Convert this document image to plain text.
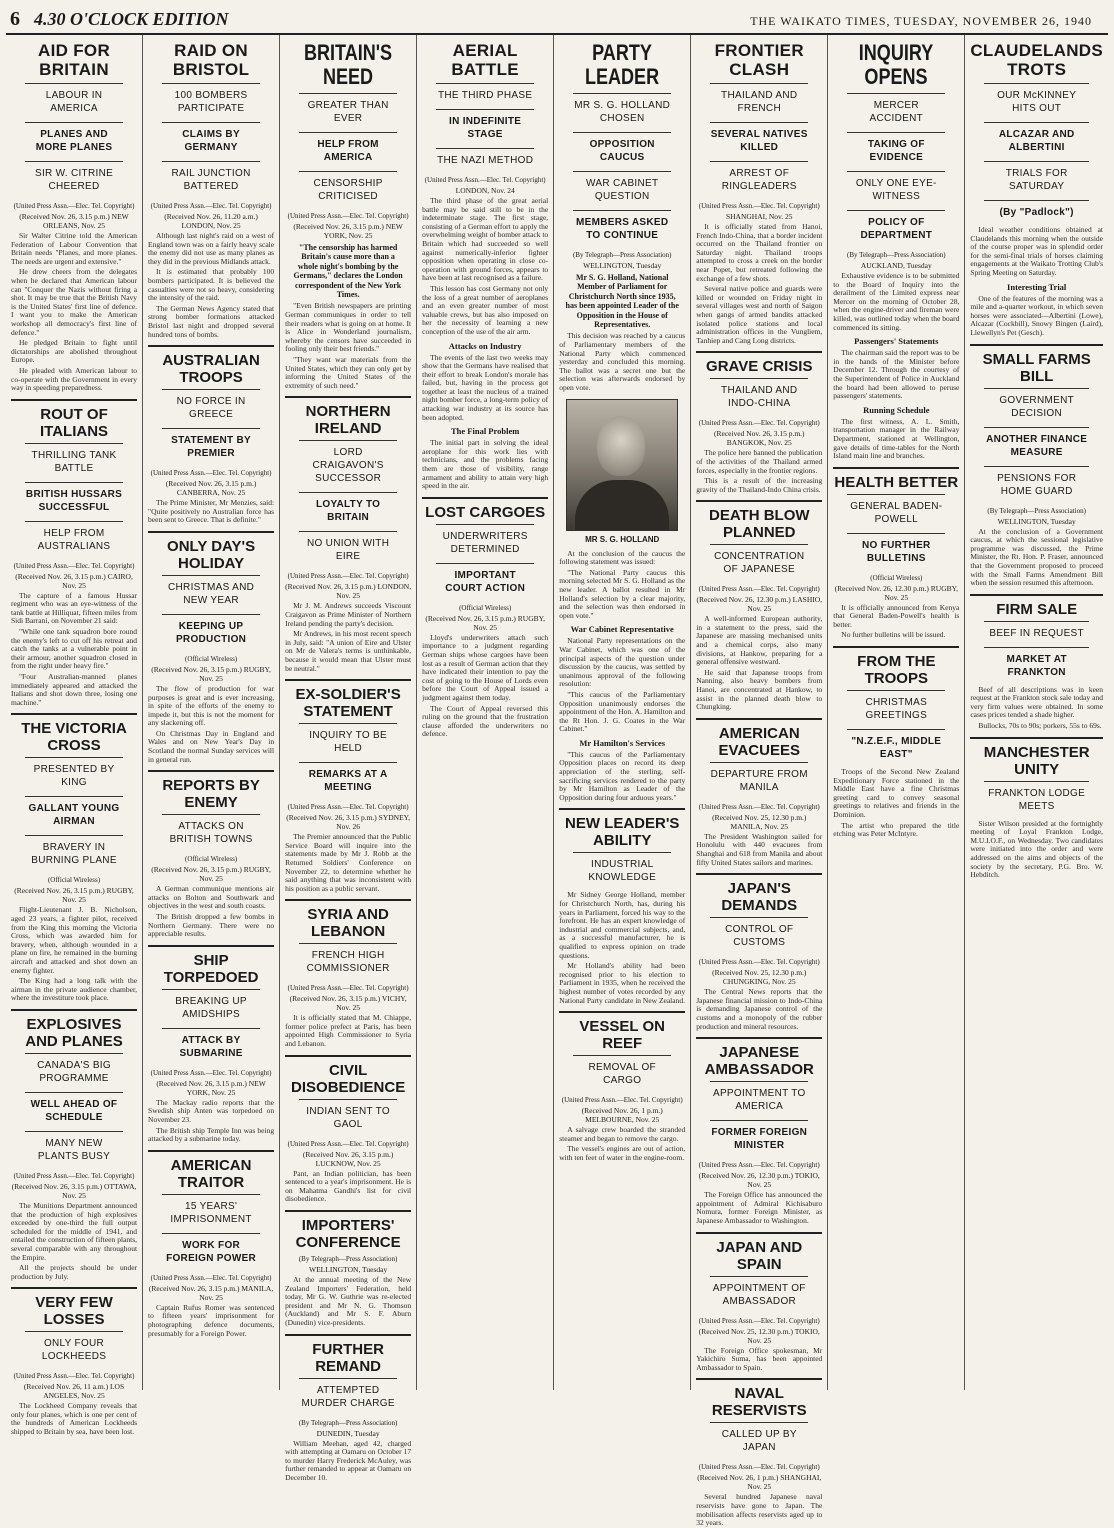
6 4.30 O'CLOCK EDITION	THE WAIKATO TIMES, TUESDAY, NOVEMBER 26, 1940
AID FOR BRITAIN
LABOUR IN AMERICA
PLANES AND MORE PLANES
SIR W. CITRINE CHEERED
(United Press Assn.—Elec. Tel. Copyright)
(Received Nov. 26, 3.15 p.m.) NEW ORLEANS, Nov. 25
Sir Walter Citrine told the American Federation of Labour Convention that Britain needs "Planes, and more planes. The needs are urgent and extensive."
He drew cheers from the delegates when he declared that American labour can "Conquer the Nazis without firing a shot. It may be true that the British Navy is the United States' first line of defence. I want you to make the American workshop all democracy's first line of defence."
He pledged Britain to fight until dictatorships are abolished throughout Europe.
He pleaded with American labour to co-operate with the Government in every way in speeding preparedness.
ROUT OF ITALIANS
THRILLING TANK BATTLE
BRITISH HUSSARS SUCCESSFUL
HELP FROM AUSTRALIANS
(United Press Assn.—Elec. Tel. Copyright)
(Received Nov. 26, 3.15 p.m.) CAIRO, Nov. 25
The capture of a famous Hussar regiment who was an eye-witness of the tank battle at Hilliquat, fifteen miles from Sidi Barrani, on November 21 said:
"While one tank squadron bore round the enemy's left to cut off his retreat and catch the tanks at a vulnerable point in their armour, another squadron closed in from the right under heavy fire."
"Four Australian-manned planes immediately appeared and attacked the Italians and shot down three, losing one machine."
THE VICTORIA CROSS
PRESENTED BY KING
GALLANT YOUNG AIRMAN
BRAVERY IN BURNING PLANE
(Official Wireless)
(Received Nov. 26, 3.15 p.m.) RUGBY, Nov. 25
Flight-Lieutenant J. B. Nicholson, aged 23 years, a fighter pilot, received from the King this morning the Victoria Cross, which was awarded him for bravery, when, although wounded in a plane on fire, he remained in the burning aircraft and attacked and shot down an enemy fighter.
The King had a long talk with the airman in the private audience chamber, where the investiture took place.
EXPLOSIVES AND PLANES
CANADA'S BIG PROGRAMME
WELL AHEAD OF SCHEDULE
MANY NEW PLANTS BUSY
(United Press Assn.—Elec. Tel. Copyright)
(Received Nov. 26, 3.15 p.m.) OTTAWA, Nov. 25
The Munitions Department announced that the production of high explosives exceeded by one-third the full output scheduled for the middle of 1941, and entailed the construction of fifteen plants, several comparable with any throughout the Empire.
All the projects should be under production by July.
VERY FEW LOSSES
ONLY FOUR LOCKHEEDS
(United Press Assn.—Elec. Tel. Copyright)
(Received Nov. 26, 11 a.m.) LOS ANGELES, Nov. 25
The Lockheed Company reveals that only four planes, which is one per cent of the hundreds of American Lockheeds shipped to Britain by sea, have been lost.
RAID ON BRISTOL
100 BOMBERS PARTICIPATE
CLAIMS BY GERMANY
RAIL JUNCTION BATTERED
(United Press Assn.—Elec. Tel. Copyright)
(Received Nov. 26, 11.20 a.m.) LONDON, Nov. 25
Although last night's raid on a west of England town was on a fairly heavy scale the enemy did not use as many planes as they did in the previous Midlands attack.
It is estimated that probably 100 bombers participated. It is believed the casualties were not so heavy, considering the intensity of the raid.
The German News Agency stated that strong bomber formations attacked Bristol last night and dropped several hundred tons of bombs.
AUSTRALIAN TROOPS
NO FORCE IN GREECE
STATEMENT BY PREMIER
(United Press Assn.—Elec. Tel. Copyright)
(Received Nov. 26, 3.15 p.m.) CANBERRA, Nov. 25
The Prime Minister, Mr Menzies, said: "Quite positively no Australian force has been sent to Greece. That is definite."
ONLY DAY'S HOLIDAY
CHRISTMAS AND NEW YEAR
KEEPING UP PRODUCTION
(Official Wireless)
(Received Nov. 26, 3.15 p.m.) RUGBY, Nov. 25
The flow of production for war purposes is great and is ever increasing, in spite of the efforts of the enemy to impede it, but this is not the moment for any slackening off.
On Christmas Day in England and Wales and on New Year's Day in Scotland the normal Sunday services will in general run.
REPORTS BY ENEMY
ATTACKS ON BRITISH TOWNS
(Official Wireless)
(Received Nov. 26, 3.15 p.m.) RUGBY, Nov. 25
A German communique mentions air attacks on Bolton and Southwark and objectives in the west and south coasts.
The British dropped a few bombs in Northern Germany. There were no appreciable results.
SHIP TORPEDOED
BREAKING UP AMIDSHIPS
ATTACK BY SUBMARINE
(United Press Assn.—Elec. Tel. Copyright)
(Received Nov. 26, 3.15 p.m.) NEW YORK, Nov. 25
The Mackay radio reports that the Swedish ship Anten was torpedoed on November 23.
The British ship Temple Inn was being attacked by a submarine today.
AMERICAN TRAITOR
15 YEARS' IMPRISONMENT
WORK FOR FOREIGN POWER
(United Press Assn.—Elec. Tel. Copyright)
(Received Nov. 26, 3.15 p.m.) MANILA, Nov. 25
Captain Rufus Romer was sentenced to fifteen years' imprisonment for photographing defence documents, presumably for a Foreign Power.
BRITAIN'S NEED
GREATER THAN EVER
HELP FROM AMERICA
CENSORSHIP CRITICISED
(United Press Assn.—Elec. Tel. Copyright)
(Received Nov. 26, 3.15 p.m.) NEW YORK, Nov. 25
"The censorship has harmed Britain's cause more than a whole night's bombing by the Germans," declares the London correspondent of the New York Times.
"Even British newspapers are printing German communiques in order to tell their readers what is going on at home. It is Alice in Wonderland journalism, whereby the censors have succeeded in fooling only their best friends."
"They want war materials from the United States, which they can only get by informing the United States of the extremity of such need."
NORTHERN IRELAND
LORD CRAIGAVON'S SUCCESSOR
LOYALTY TO BRITAIN
NO UNION WITH EIRE
(United Press Assn.—Elec. Tel. Copyright)
(Received Nov. 26, 3.15 p.m.) LONDON, Nov. 25
Mr J. M. Andrews succeeds Viscount Craigavon as Prime Minister of Northern Ireland pending the party's decision.
Mr Andrews, in his most recent speech in July, said: "A union of Eire and Ulster on Mr de Valera's terms is unthinkable, because it would mean that Ulster must be neutral."
EX-SOLDIER'S STATEMENT
INQUIRY TO BE HELD
REMARKS AT A MEETING
(United Press Assn.—Elec. Tel. Copyright)
(Received Nov. 26, 3.15 p.m.) SYDNEY, Nov. 26
The Premier announced that the Public Service Board will inquire into the statements made by Mr J. Robb at the Returned Soldiers' Conference on November 22, to determine whether he said anything that was inconsistent with his position as a public servant.
SYRIA AND LEBANON
FRENCH HIGH COMMISSIONER
(United Press Assn.—Elec. Tel. Copyright)
(Received Nov. 26, 3.15 p.m.) VICHY, Nov. 25
It is officially stated that M. Chiappe, former police prefect at Paris, has been appointed High Commissioner to Syria and Lebanon.
CIVIL DISOBEDIENCE
INDIAN SENT TO GAOL
(United Press Assn.—Elec. Tel. Copyright)
(Received Nov. 26, 3.15 p.m.) LUCKNOW, Nov. 25
Pant, an Indian politician, has been sentenced to a year's imprisonment. He is on Mahatma Gandhi's list for civil disobedience.
IMPORTERS' CONFERENCE
(By Telegraph—Press Association)
WELLINGTON, Tuesday
At the annual meeting of the New Zealand Importers' Federation, held today, Mr G. W. Guthrie was re-elected president and Mr N. G. Thomson (Auckland) and Mr S. F. Aburn (Dunedin) vice-presidents.
FURTHER REMAND
ATTEMPTED MURDER CHARGE
(By Telegraph—Press Association)
DUNEDIN, Tuesday
William Meehan, aged 42, charged with attempting at Oamaru on October 17 to murder Harry Frederick McAuley, was further remanded to appear at Oamaru on December 10.
AERIAL BATTLE
THE THIRD PHASE
IN INDEFINITE STAGE
THE NAZI METHOD
(United Press Assn.—Elec. Tel. Copyright)
LONDON, Nov. 24
The third phase of the great aerial battle may be said still to be in the indeterminate stage. The first stage, consisting of a German effort to apply the overwhelming weight of bomber attack to Britain which had succeeded so well against numerically-inferior fighter opposition when operating in close co-operation with ground forces, appears to have been at last recognised as a failure.
This lesson has cost Germany not only the loss of a great number of aeroplanes and an even greater number of most valuable crews, but has also imposed on her the necessity of learning a new conception of the use of the air arm.
Attacks on Industry
The events of the last two weeks may show that the Germans have realised that their effort to break London's morale has failed, but, having in the process got together at least the nucleus of a trained night bomber force, a long-term policy of attacking war industry at its source has been adopted.
The Final Problem
The initial part in solving the ideal aeroplane for this work lies with technicians, and the problems facing them are those of visibility, range armament and ability to attain very high speed in the air.
LOST CARGOES
UNDERWRITERS DETERMINED
IMPORTANT COURT ACTION
(Official Wireless)
(Received Nov. 26, 3.15 p.m.) RUGBY, Nov. 25
Lloyd's underwriters attach such importance to a judgment regarding German ships whose cargoes have been lost as a result of German action that they have indicated their intention to pay the cost of going to the House of Lords even before the Court of Appeal issued a judgment against them today.
The Court of Appeal reversed this ruling on the ground that the frustration clause afforded the underwriters no defence.
PARTY LEADER
MR S. G. HOLLAND CHOSEN
OPPOSITION CAUCUS
WAR CABINET QUESTION
MEMBERS ASKED TO CONTINUE
(By Telegraph—Press Association)
WELLINGTON, Tuesday
Mr S. G. Holland, National Member of Parliament for Christchurch North since 1935, has been appointed Leader of the Opposition in the House of Representatives.
This decision was reached by a caucus of Parliamentary members of the National Party which commenced yesterday and concluded this morning. The ballot was a secret one but the selection was afterwards endorsed by open vote.
MR S. G. HOLLAND
At the conclusion of the caucus the following statement was issued:
"The National Party caucus this morning selected Mr S. G. Holland as the new leader. A ballot resulted in Mr Holland's selection by a clear majority, and the selection was then endorsed in open vote."
War Cabinet Representative
National Party representations on the War Cabinet, which was one of the principal aspects of the question under discussion by the caucus, was settled by unanimous approval of the following resolution:
"This caucus of the Parliamentary Opposition unanimously endorses the appointment of the Hon. A. Hamilton and the Rt Hon. J. G. Coates in the War Cabinet."
Mr Hamilton's Services
"This caucus of the Parliamentary Opposition places on record its deep appreciation of the sterling, self-sacrificing services rendered to the party by Mr Hamilton as Leader of the Opposition during four arduous years."
NEW LEADER'S ABILITY
INDUSTRIAL KNOWLEDGE
Mr Sidney George Holland, member for Christchurch North, has, during his years in Parliament, forced his way to the forefront. He has an expert knowledge of industrial and commercial subjects, and, as a successful manufacturer, he is qualified to express opinion on trade questions.
Mr Holland's ability had been recognised prior to his election to Parliament in 1935, when he received the highest number of votes recorded by any National Party candidate in New Zealand.
VESSEL ON REEF
REMOVAL OF CARGO
(United Press Assn.—Elec. Tel. Copyright)
(Received Nov. 26, 1 p.m.) MELBOURNE, Nov. 25
A salvage crew boarded the stranded steamer and began to remove the cargo.
The vessel's engines are out of action, with ten feet of water in the engine-room.
FRONTIER CLASH
THAILAND AND FRENCH
SEVERAL NATIVES KILLED
ARREST OF RINGLEADERS
(United Press Assn.—Elec. Tel. Copyright)
SHANGHAI, Nov. 25
It is officially stated from Hanoi, French Indo-China, that a border incident occurred on the Thailand frontier on Saturday night. Thailand troops attempted to cross a creek on the border near Popet, but retreated following the exchange of a few shots.
Several native police and guards were killed or wounded on Friday night in several villages west and north of Saigon when gangs of armed bandits attacked isolated police stations and local administration offices in the Vungliem, Tanhiep and Cang Long districts.
GRAVE CRISIS
THAILAND AND INDO-CHINA
(United Press Assn.—Elec. Tel. Copyright)
(Received Nov. 26, 3.15 p.m.) BANGKOK, Nov. 25
The police here banned the publication of the activities of the Thailand armed forces, especially in the frontier regions.
This is a result of the increasing gravity of the Thailand-Indo China crisis.
DEATH BLOW PLANNED
CONCENTRATION OF JAPANESE
(United Press Assn.—Elec. Tel. Copyright)
(Received Nov. 26, 12.30 p.m.) LASHIO, Nov. 25
A well-informed European authority, in a statement to the press, said the Japanese are massing mechanised units and a chemical corps, also many divisions, at Hankow, preparing for a general offensive westward.
He said that Japanese troops from Nanning, also heavy bombers from Hanoi, are concentrated at Hankow, to assist in the planned death blow to Chungking.
AMERICAN EVACUEES
DEPARTURE FROM MANILA
(United Press Assn.—Elec. Tel. Copyright)
(Received Nov. 25, 12.30 p.m.) MANILA, Nov. 25
The President Washington sailed for Honolulu with 440 evacuees from Shanghai and 618 from Manila and about fifty United States sailors and marines.
JAPAN'S DEMANDS
CONTROL OF CUSTOMS
(United Press Assn.—Elec. Tel. Copyright)
(Received Nov. 25, 12.30 p.m.) CHUNGKING, Nov. 25
The Central News reports that the Japanese financial mission to Indo-China is demanding Japanese control of the customs and a monopoly of the rubber production and mineral resources.
JAPANESE AMBASSADOR
APPOINTMENT TO AMERICA
FORMER FOREIGN MINISTER
(United Press Assn.—Elec. Tel. Copyright)
(Received Nov. 26, 12.30 p.m.) TOKIO, Nov. 25
The Foreign Office has announced the appointment of Admiral Kichisaburo Nomura, former Foreign Minister, as Japanese Ambassador to Washington.
JAPAN AND SPAIN
APPOINTMENT OF AMBASSADOR
(United Press Assn.—Elec. Tel. Copyright)
(Received Nov. 25, 12.30 p.m.) TOKIO, Nov. 25
The Foreign Office spokesman, Mr Yakichiro Suma, has been appointed Ambassador to Spain.
NAVAL RESERVISTS
CALLED UP BY JAPAN
(United Press Assn.—Elec. Tel. Copyright)
(Received Nov. 26, 1 p.m.) SHANGHAI, Nov. 25
Several hundred Japanese naval reservists have gone to Japan. The mobilisation affects reservists aged up to 32 years.
INQUIRY OPENS
MERCER ACCIDENT
TAKING OF EVIDENCE
ONLY ONE EYE-WITNESS
POLICY OF DEPARTMENT
(By Telegraph—Press Association)
AUCKLAND, Tuesday
Exhaustive evidence is to be submitted to the Board of Inquiry into the derailment of the Limited express near Mercer on the morning of October 28, when the engine-driver and fireman were killed, was outlined today when the board commenced its sitting.
Passengers' Statements
The chairman said the report was to be in the hands of the Minister before December 12. Through the courtesy of the Superintendent of Police in Auckland the board had been allowed to peruse passengers' statements.
Running Schedule
The first witness, A. L. Smith, transportation manager in the Railway Department, stationed at Wellington, gave details of time-tables for the North Island main line and branches.
HEALTH BETTER
GENERAL BADEN-POWELL
NO FURTHER BULLETINS
(Official Wireless)
(Received Nov. 26, 12.30 p.m.) RUGBY, Nov. 25
It is officially announced from Kenya that General Baden-Powell's health is better.
No further bulletins will be issued.
FROM THE TROOPS
CHRISTMAS GREETINGS
"N.Z.E.F., MIDDLE EAST"
Troops of the Second New Zealand Expeditionary Force stationed in the Middle East have a fine Christmas greeting card to convey seasonal greetings to relatives and friends in the Dominion.
The artist who prepared the title etching was Peter McIntyre.
CLAUDELANDS TROTS
OUR McKINNEY HITS OUT
ALCAZAR AND ALBERTINI
TRIALS FOR SATURDAY
(By "Padlock")
Ideal weather conditions obtained at Claudelands this morning when the outside of the course proper was in splendid order for the semi-final trials of horses claiming engagements at the Waikato Trotting Club's Spring Meeting on Saturday.
Interesting Trial
One of the features of the morning was a mile and a-quarter workout, in which seven horses were associated—Albertini (Lowe), Alcazar (Cockbill), Snowy Bingen (Laird), Llewellyn's Pet (Gesch).
SMALL FARMS BILL
GOVERNMENT DECISION
ANOTHER FINANCE MEASURE
PENSIONS FOR HOME GUARD
(By Telegraph—Press Association)
WELLINGTON, Tuesday
At the conclusion of a Government caucus, at which the sessional legislative programme was discussed, the Prime Minister, the Rt. Hon. P. Fraser, announced that the Government proposed to proceed with the Small Farms Amendment Bill when the session resumed this afternoon.
FIRM SALE
BEEF IN REQUEST
MARKET AT FRANKTON
Beef of all descriptions was in keen request at the Frankton stock sale today and very firm values were obtained. In some cases prices tended a shade higher.
Bullocks, 70s to 90s; porkers, 55s to 69s.
MANCHESTER UNITY
FRANKTON LODGE MEETS
Sister Wilson presided at the fortnightly meeting of Loyal Frankton Lodge, M.U.I.O.F., on Wednesday. Two candidates were initiated into the order and were addressed on the aims and objects of the society by the secretary, P.G. Bro. W. Hebditch.
